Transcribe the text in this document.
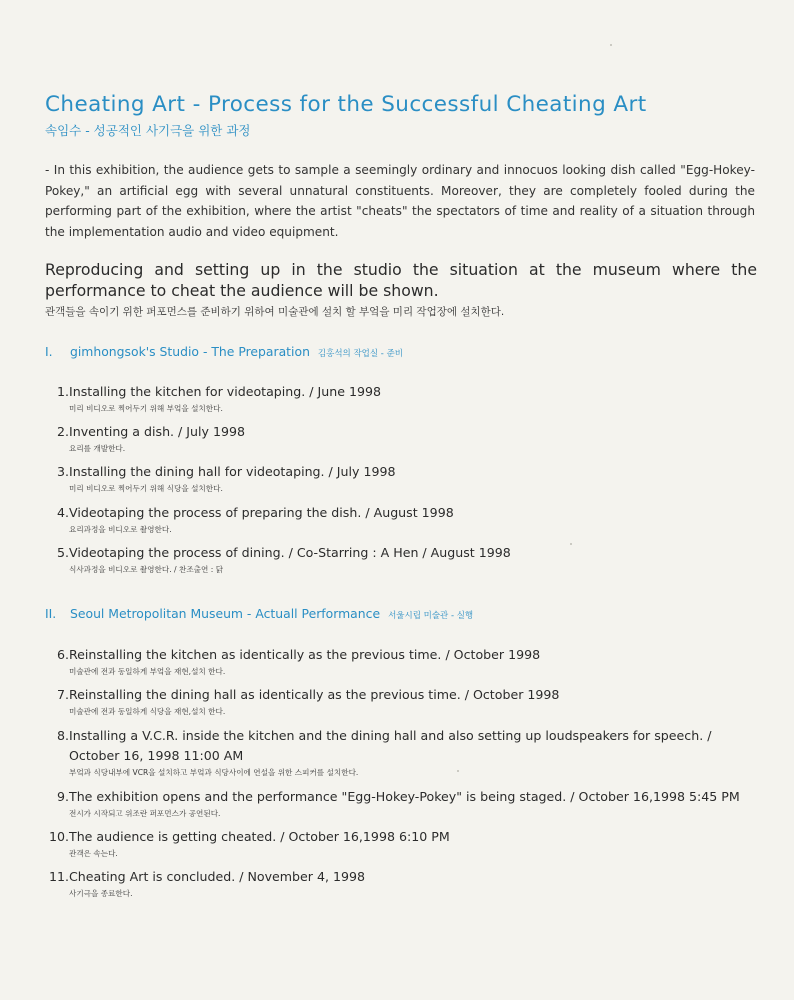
Cheating Art - Process for the Successful Cheating Art
속임수 - 성공적인 사기극을 위한 과정
- In this exhibition, the audience gets to sample a seemingly ordinary and innocuos looking dish called "Egg-Hokey-Pokey," an artificial egg with several unnatural constituents. Moreover, they are completely fooled during the performing part of the exhibition, where the artist "cheats" the spectators of time and reality of a situation through the implementation audio and video equipment.
Reproducing and setting up in the studio the situation at the museum where the performance to cheat the audience will be shown.
관객들을 속이기 위한 퍼포먼스를 준비하기 위하여 미술관에 설치 할 부엌을 미리 작업장에 설치한다.
I. gimhongsok's Studio - The Preparation 김홍석의 작업실 - 준비
1. Installing the kitchen for videotaping. / June 1998
미리 비디오로 찍어두기 위해 부엌을 설치한다.
2. Inventing a dish. / July 1998
요리를 개발한다.
3. Installing the dining hall for videotaping. / July 1998
미리 비디오로 찍어두기 위해 식당을 설치한다.
4. Videotaping the process of preparing the dish. / August 1998
요리과정을 비디오로 촬영한다.
5. Videotaping the process of dining. / Co-Starring : A Hen / August 1998
식사과정을 비디오로 촬영한다. / 찬조출연 : 닭
II. Seoul Metropolitan Museum - Actuall Performance 서울시립 미술관 - 실행
6. Reinstalling the kitchen as identically as the previous time. / October 1998
미술관에 전과 동일하게 부엌을 재현,설치 한다.
7. Reinstalling the dining hall as identically as the previous time. / October 1998
미술관에 전과 동일하게 식당을 재현,설치 한다.
8. Installing a V.C.R. inside the kitchen and the dining hall and also setting up loudspeakers for speech. / October 16, 1998 11:00 AM
부엌과 식당내부에 VCR을 설치하고 부엌과 식당사이에 연설을 위한 스피커를 설치한다.
9. The exhibition opens and the performance "Egg-Hokey-Pokey" is being staged. / October 16,1998 5:45 PM
전시가 시작되고 위조란 퍼포먼스가 공연된다.
10. The audience is getting cheated. / October 16,1998 6:10 PM
관객은 속는다.
11. Cheating Art is concluded. / November 4, 1998
사기극을 종료한다.
